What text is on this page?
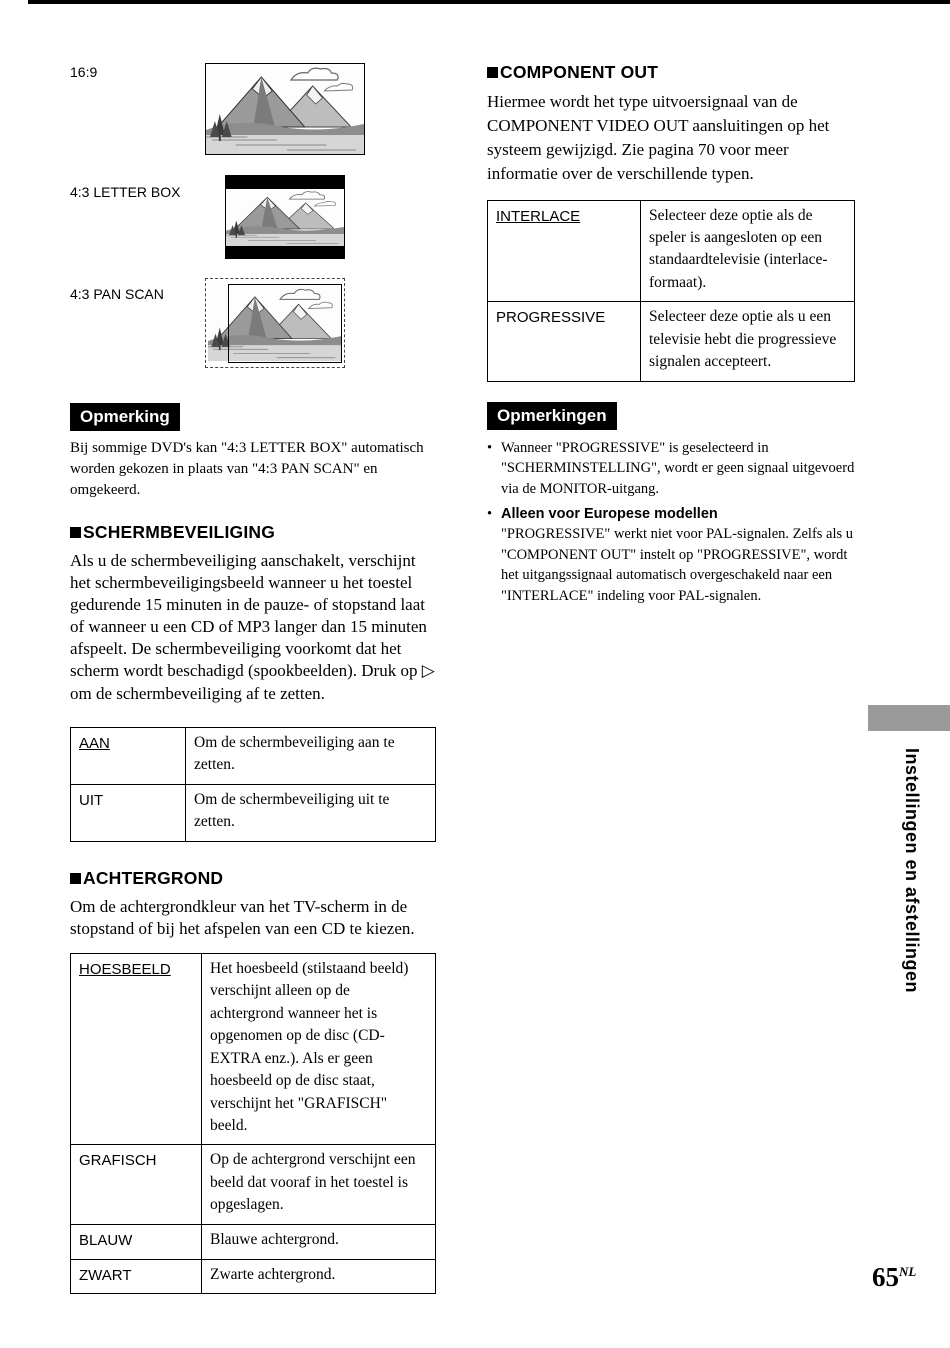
16:9
4:3 LETTER BOX
4:3 PAN SCAN
Opmerking
Bij sommige DVD's kan "4:3 LETTER BOX" automatisch worden gekozen in plaats van "4:3 PAN SCAN" en omgekeerd.
SCHERMBEVEILIGING
Als u de schermbeveiliging aanschakelt, verschijnt het schermbeveiligingsbeeld wanneer u het toestel gedurende 15 minuten in de pauze- of stopstand laat of wanneer u een CD of MP3 langer dan 15 minuten afspeelt. De schermbeveiliging voorkomt dat het scherm wordt beschadigd (spookbeelden). Druk op ▷ om de schermbeveiliging af te zetten.
AAN	Om de schermbeveiliging aan te zetten.
UIT	Om de schermbeveiliging uit te zetten.
ACHTERGROND
Om de achtergrondkleur van het TV-scherm in de stopstand of bij het afspelen van een CD te kiezen.
HOESBEELD	Het hoesbeeld (stilstaand beeld) verschijnt alleen op de achtergrond wanneer het is opgenomen op de disc (CD-EXTRA enz.). Als er geen hoesbeeld op de disc staat, verschijnt het "GRAFISCH" beeld.
GRAFISCH	Op de achtergrond verschijnt een beeld dat vooraf in het toestel is opgeslagen.
BLAUW	Blauwe achtergrond.
ZWART	Zwarte achtergrond.
COMPONENT OUT
Hiermee wordt het type uitvoersignaal van de COMPONENT VIDEO OUT aansluitingen op het systeem gewijzigd. Zie pagina 70 voor meer informatie over de verschillende typen.
INTERLACE	Selecteer deze optie als de speler is aangesloten op een standaardtelevisie (interlace-formaat).
PROGRESSIVE	Selecteer deze optie als u een televisie hebt die progressieve signalen accepteert.
Opmerkingen
• Wanneer "PROGRESSIVE" is geselecteerd in "SCHERMINSTELLING", wordt er geen signaal uitgevoerd via de MONITOR-uitgang.
• Alleen voor Europese modellen
"PROGRESSIVE" werkt niet voor PAL-signalen. Zelfs als u "COMPONENT OUT" instelt op "PROGRESSIVE", wordt het uitgangssignaal automatisch overgeschakeld naar een "INTERLACE" indeling voor PAL-signalen.
Instellingen en afstellingen
$65^{NL}$
